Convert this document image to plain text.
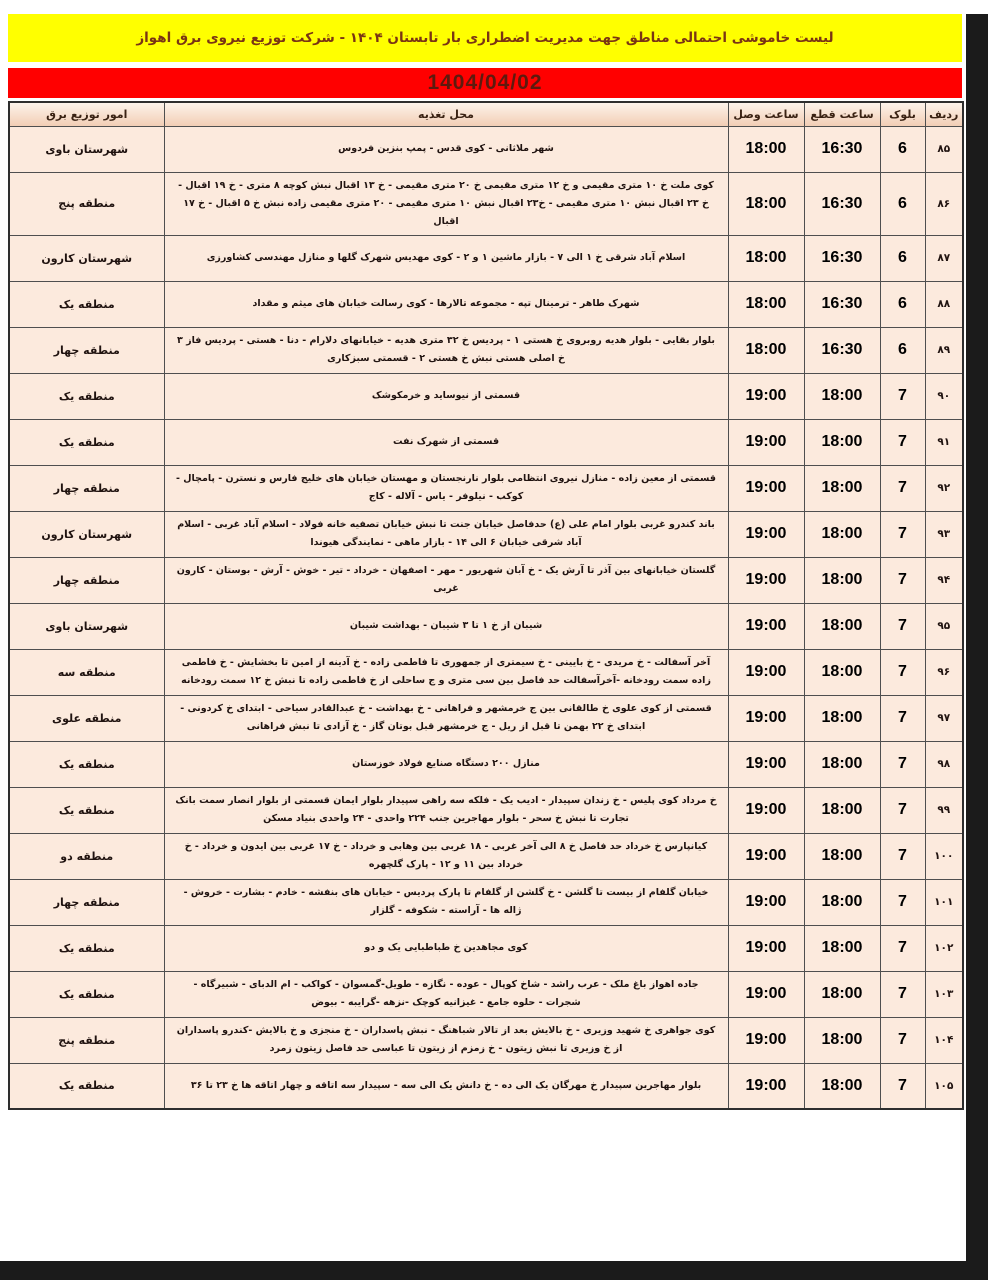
لیست خاموشی احتمالی مناطق جهت مدیریت اضطراری بار تابستان ۱۴۰۴ - شرکت توزیع نیروی برق اهواز
1404/04/02
ردیف	بلوک	ساعت قطع	ساعت وصل	محل تغذیه	امور توزیع برق
۸۵	6	16:30	18:00	شهر ملاثانی - کوی قدس - پمپ بنزین فردوس	شهرستان باوی
۸۶	6	16:30	18:00	کوی ملت خ ۱۰ متری مقیمی و خ ۱۲ متری مقیمی خ ۲۰ متری مقیمی - خ ۱۳ اقبال نبش کوچه ۸ متری - خ ۱۹ اقبال - خ ۲۳ اقبال نبش ۱۰ متری مقیمی - خ۲۳ اقبال نبش ۱۰ متری مقیمی - ۲۰ متری مقیمی زاده نبش خ ۵ اقبال - خ ۱۷ اقبال	منطقه پنج
۸۷	6	16:30	18:00	اسلام آباد شرقی خ ۱ الی ۷ - بازار ماشین ۱ و ۲ - کوی مهدیس شهرک گلها و منازل مهندسی کشاورزی	شهرستان کارون
۸۸	6	16:30	18:00	شهرک طاهر - ترمینال تپه - مجموعه تالارها - کوی رسالت خیابان های میثم و مقداد	منطقه یک
۸۹	6	16:30	18:00	بلوار بقایی - بلوار هدیه روبروی خ هستی ۱ - پردیس خ ۳۲ متری هدیه - خیابانهای دلارام - دنا - هستی - پردیس فاز ۳ خ اصلی هستی نبش خ هستی ۲ - قسمتی سبزکاری	منطقه چهار
۹۰	7	18:00	19:00	قسمتی از نیوساید و خرمکوشک	منطقه یک
۹۱	7	18:00	19:00	قسمتی از شهرک نفت	منطقه یک
۹۲	7	18:00	19:00	قسمتی از معین زاده - منازل نیروی انتظامی بلوار نارنجستان و مهستان خیابان های خلیج فارس و نسترن - پامچال - کوکب - نیلوفر - یاس - آلاله - کاج	منطقه چهار
۹۳	7	18:00	19:00	باند کندرو غربی بلوار امام علی (ع) حدفاصل خیابان جنت تا نبش خیابان تصفیه خانه فولاد - اسلام آباد غربی - اسلام آباد شرقی خیابان ۶ الی ۱۴ - بازار ماهی - نمایندگی هیوندا	شهرستان کارون
۹۴	7	18:00	19:00	گلستان خیابانهای بین آذر تا آرش یک - خ آبان شهریور - مهر - اصفهان - خرداد - تیر - خوش - آرش - بوستان - کارون غربی	منطقه چهار
۹۵	7	18:00	19:00	شیبان از خ ۱ تا ۳ شیبان - بهداشت شیبان	شهرستان باوی
۹۶	7	18:00	19:00	آخر آسفالت - خ مریدی - خ بایینی - خ سیمتری از جمهوری تا فاطمی زاده - خ آدینه از امین تا بخشایش - خ فاطمی زاده سمت رودخانه -آخرآسفالت حد فاصل بین سی متری و ج ساحلی از خ فاطمی زاده تا نبش خ ۱۲ سمت رودخانه	منطقه سه
۹۷	7	18:00	19:00	قسمتی از کوی علوی خ طالقانی بین ج خرمشهر و فراهانی - خ بهداشت - خ عبدالقادر سیاحی - ابتدای خ کردونی - ابتدای خ ۲۲ بهمن تا قبل از ریل - ج خرمشهر قبل بوتان گاز - خ آزادی تا نبش فراهانی	منطقه علوی
۹۸	7	18:00	19:00	منازل ۲۰۰ دستگاه صنایع فولاد خوزستان	منطقه یک
۹۹	7	18:00	19:00	خ مرداد کوی پلیس - خ زندان سپیدار - ادیب یک - فلکه سه راهی سپیدار بلوار ایمان قسمتی از بلوار انصار سمت بانک تجارت تا نبش خ سحر - بلوار مهاجرین جنب ۲۲۴ واحدی - ۲۴ واحدی بنیاد مسکن	منطقه یک
۱۰۰	7	18:00	19:00	کیانپارس خ خرداد حد فاصل خ ۸ الی آخر غربی - ۱۸ غربی بین وهابی و خرداد - خ ۱۷ غربی بین ایدون و خرداد - خ خرداد بین ۱۱ و ۱۲ - پارک گلچهره	منطقه دو
۱۰۱	7	18:00	19:00	خیابان گلفام از بیست تا گلشن - خ گلشن از گلفام تا پارک پردیس - خیابان های بنفشه - خادم - بشارت - خروش - ژاله ها - آراسته - شکوفه - گلزار	منطقه چهار
۱۰۲	7	18:00	19:00	کوی مجاهدین خ طباطبایی یک و دو	منطقه یک
۱۰۳	7	18:00	19:00	جاده اهواز باغ ملک - عرب راشد - شاخ کوپال - عوده - نگازه - طویل-گمسوان - کواکب - ام الدبای - شبیرگاه - شجرات - حلوه جامع - غیزانیه کوچک -نزهه -گرایبه - بیوض	منطقه یک
۱۰۴	7	18:00	19:00	کوی جواهری خ شهید وزیری - خ بالایش بعد از تالار شباهنگ - نبش پاسداران - خ منجزی و خ بالایش -کندرو پاسداران از خ وزیری تا نبش زیتون - خ زمزم از زیتون تا عباسی حد فاصل زیتون زمرد	منطقه پنج
۱۰۵	7	18:00	19:00	بلوار مهاجرین سپیدار خ مهرگان یک الی ده - خ دانش یک الی سه - سپیدار سه اتاقه و چهار اتاقه ها خ ۲۳ تا ۳۶	منطقه یک
